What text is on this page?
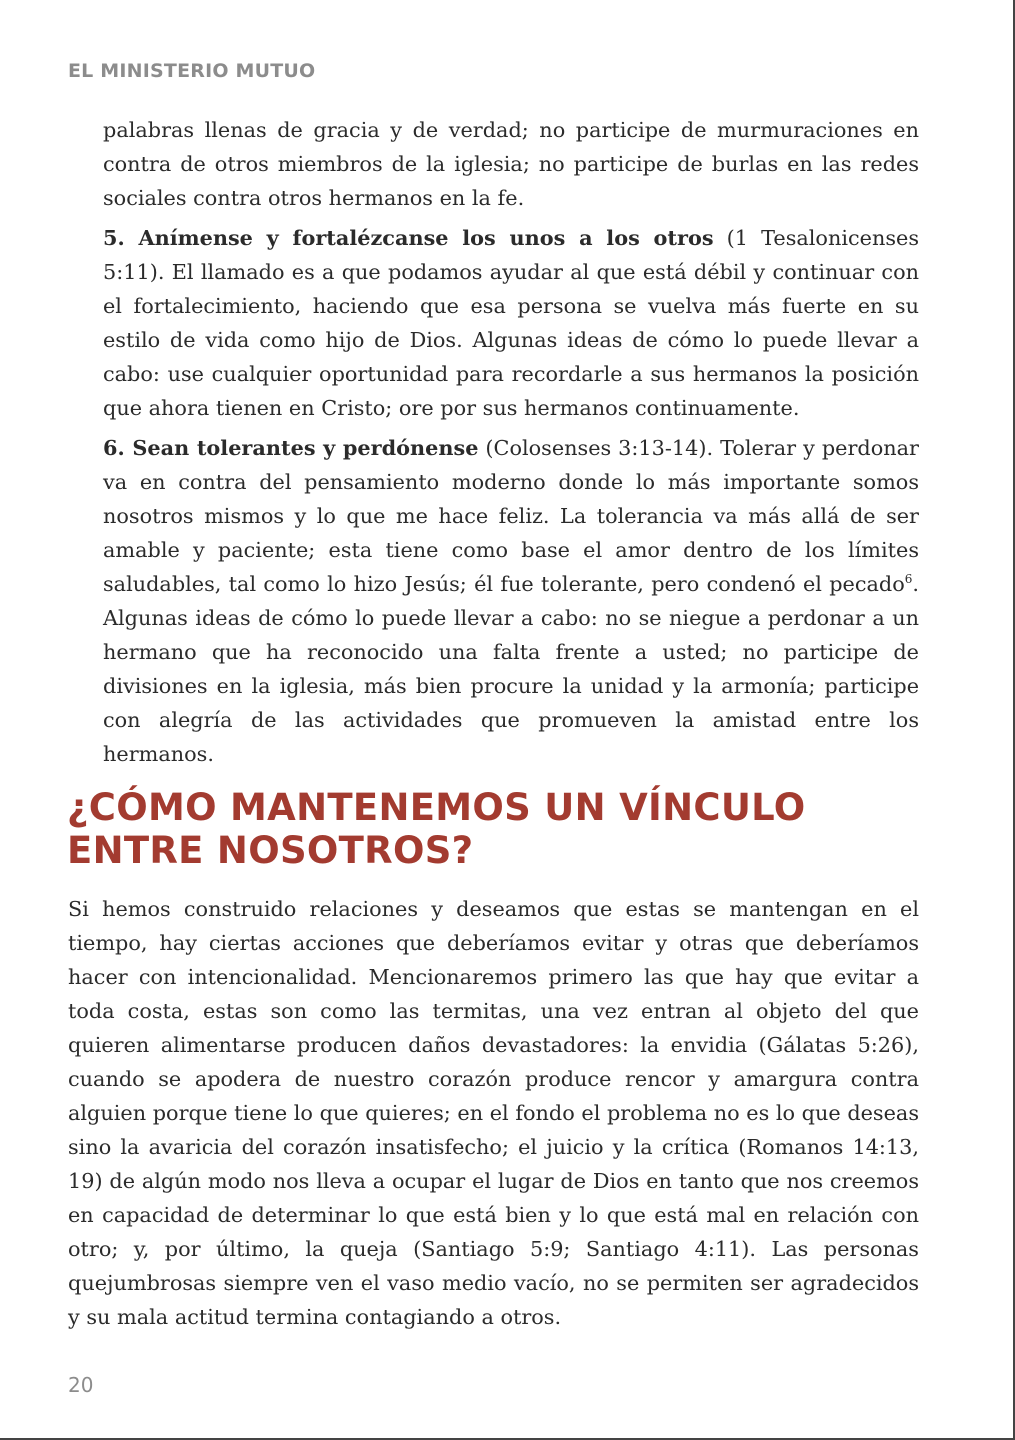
EL MINISTERIO MUTUO

palabras llenas de gracia y de verdad; no participe de murmuraciones en contra de otros miembros de la iglesia; no participe de burlas en las redes sociales contra otros hermanos en la fe.

5. Anímense y fortalézcanse los unos a los otros (1 Tesalonicenses 5:11). El llamado es a que podamos ayudar al que está débil y continuar con el fortalecimiento, haciendo que esa persona se vuelva más fuerte en su estilo de vida como hijo de Dios. Algunas ideas de cómo lo puede llevar a cabo: use cualquier oportunidad para recordarle a sus hermanos la posición que ahora tienen en Cristo; ore por sus hermanos continuamente.

6. Sean tolerantes y perdónense (Colosenses 3:13-14). Tolerar y perdonar va en contra del pensamiento moderno donde lo más importante somos nosotros mismos y lo que me hace feliz. La tolerancia va más allá de ser amable y paciente; esta tiene como base el amor dentro de los límites saludables, tal como lo hizo Jesús; él fue tolerante, pero condenó el pecado$^6$. Algunas ideas de cómo lo puede llevar a cabo: no se niegue a perdonar a un hermano que ha reconocido una falta frente a usted; no participe de divisiones en la iglesia, más bien procure la unidad y la armonía; participe con alegría de las actividades que promueven la amistad entre los hermanos.

¿CÓMO MANTENEMOS UN VÍNCULO ENTRE NOSOTROS?

Si hemos construido relaciones y deseamos que estas se mantengan en el tiempo, hay ciertas acciones que deberíamos evitar y otras que deberíamos hacer con intencionalidad. Mencionaremos primero las que hay que evitar a toda costa, estas son como las termitas, una vez entran al objeto del que quieren alimentarse producen daños devastadores: la envidia (Gálatas 5:26), cuando se apodera de nuestro corazón produce rencor y amargura contra alguien porque tiene lo que quieres; en el fondo el problema no es lo que deseas sino la avaricia del corazón insatisfecho; el juicio y la crítica (Romanos 14:13, 19) de algún modo nos lleva a ocupar el lugar de Dios en tanto que nos creemos en capacidad de determinar lo que está bien y lo que está mal en relación con otro; y, por último, la queja (Santiago 5:9; Santiago 4:11). Las personas quejumbrosas siempre ven el vaso medio vacío, no se permiten ser agradecidos y su mala actitud termina contagiando a otros.

20
